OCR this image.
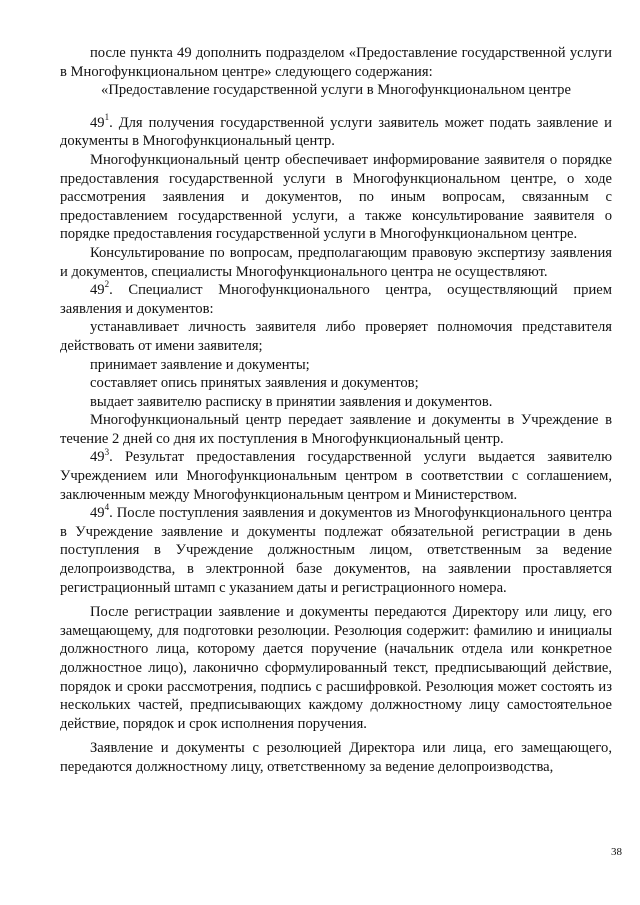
после пункта 49 дополнить подразделом «Предоставление государственной услуги в Многофункциональном центре» следующего содержания:

«Предоставление государственной услуги в Многофункциональном центре

$49^1$. Для получения государственной услуги заявитель может подать заявление и документы в Многофункциональный центр.

Многофункциональный центр обеспечивает информирование заявителя о порядке предоставления государственной услуги в Многофункциональном центре, о ходе рассмотрения заявления и документов, по иным вопросам, связанным с предоставлением государственной услуги, а также консультирование заявителя о порядке предоставления государственной услуги в Многофункциональном центре.

Консультирование по вопросам, предполагающим правовую экспертизу заявления и документов, специалисты Многофункционального центра не осуществляют.

$49^2$. Специалист Многофункционального центра, осуществляющий прием заявления и документов:

устанавливает личность заявителя либо проверяет полномочия представителя действовать от имени заявителя;

принимает заявление и документы;

составляет опись принятых заявления и документов;

выдает заявителю расписку в принятии заявления и документов.

Многофункциональный центр передает заявление и документы в Учреждение в течение 2 дней со дня их поступления в Многофункциональный центр.

$49^3$. Результат предоставления государственной услуги выдается заявителю Учреждением или Многофункциональным центром в соответствии с соглашением, заключенным между Многофункциональным центром и Министерством.

$49^4$. После поступления заявления и документов из Многофункционального центра в Учреждение заявление и документы подлежат обязательной регистрации в день поступления в Учреждение должностным лицом, ответственным за ведение делопроизводства, в электронной базе документов, на заявлении проставляется регистрационный штамп с указанием даты и регистрационного номера.

После регистрации заявление и документы передаются Директору или лицу, его замещающему, для подготовки резолюции. Резолюция содержит: фамилию и инициалы должностного лица, которому дается поручение (начальник отдела или конкретное должностное лицо), лаконично сформулированный текст, предписывающий действие, порядок и сроки рассмотрения, подпись с расшифровкой. Резолюция может состоять из нескольких частей, предписывающих каждому должностному лицу самостоятельное действие, порядок и срок исполнения поручения.

Заявление и документы с резолюцией Директора или лица, его замещающего, передаются должностному лицу, ответственному за ведение делопроизводства,

38
